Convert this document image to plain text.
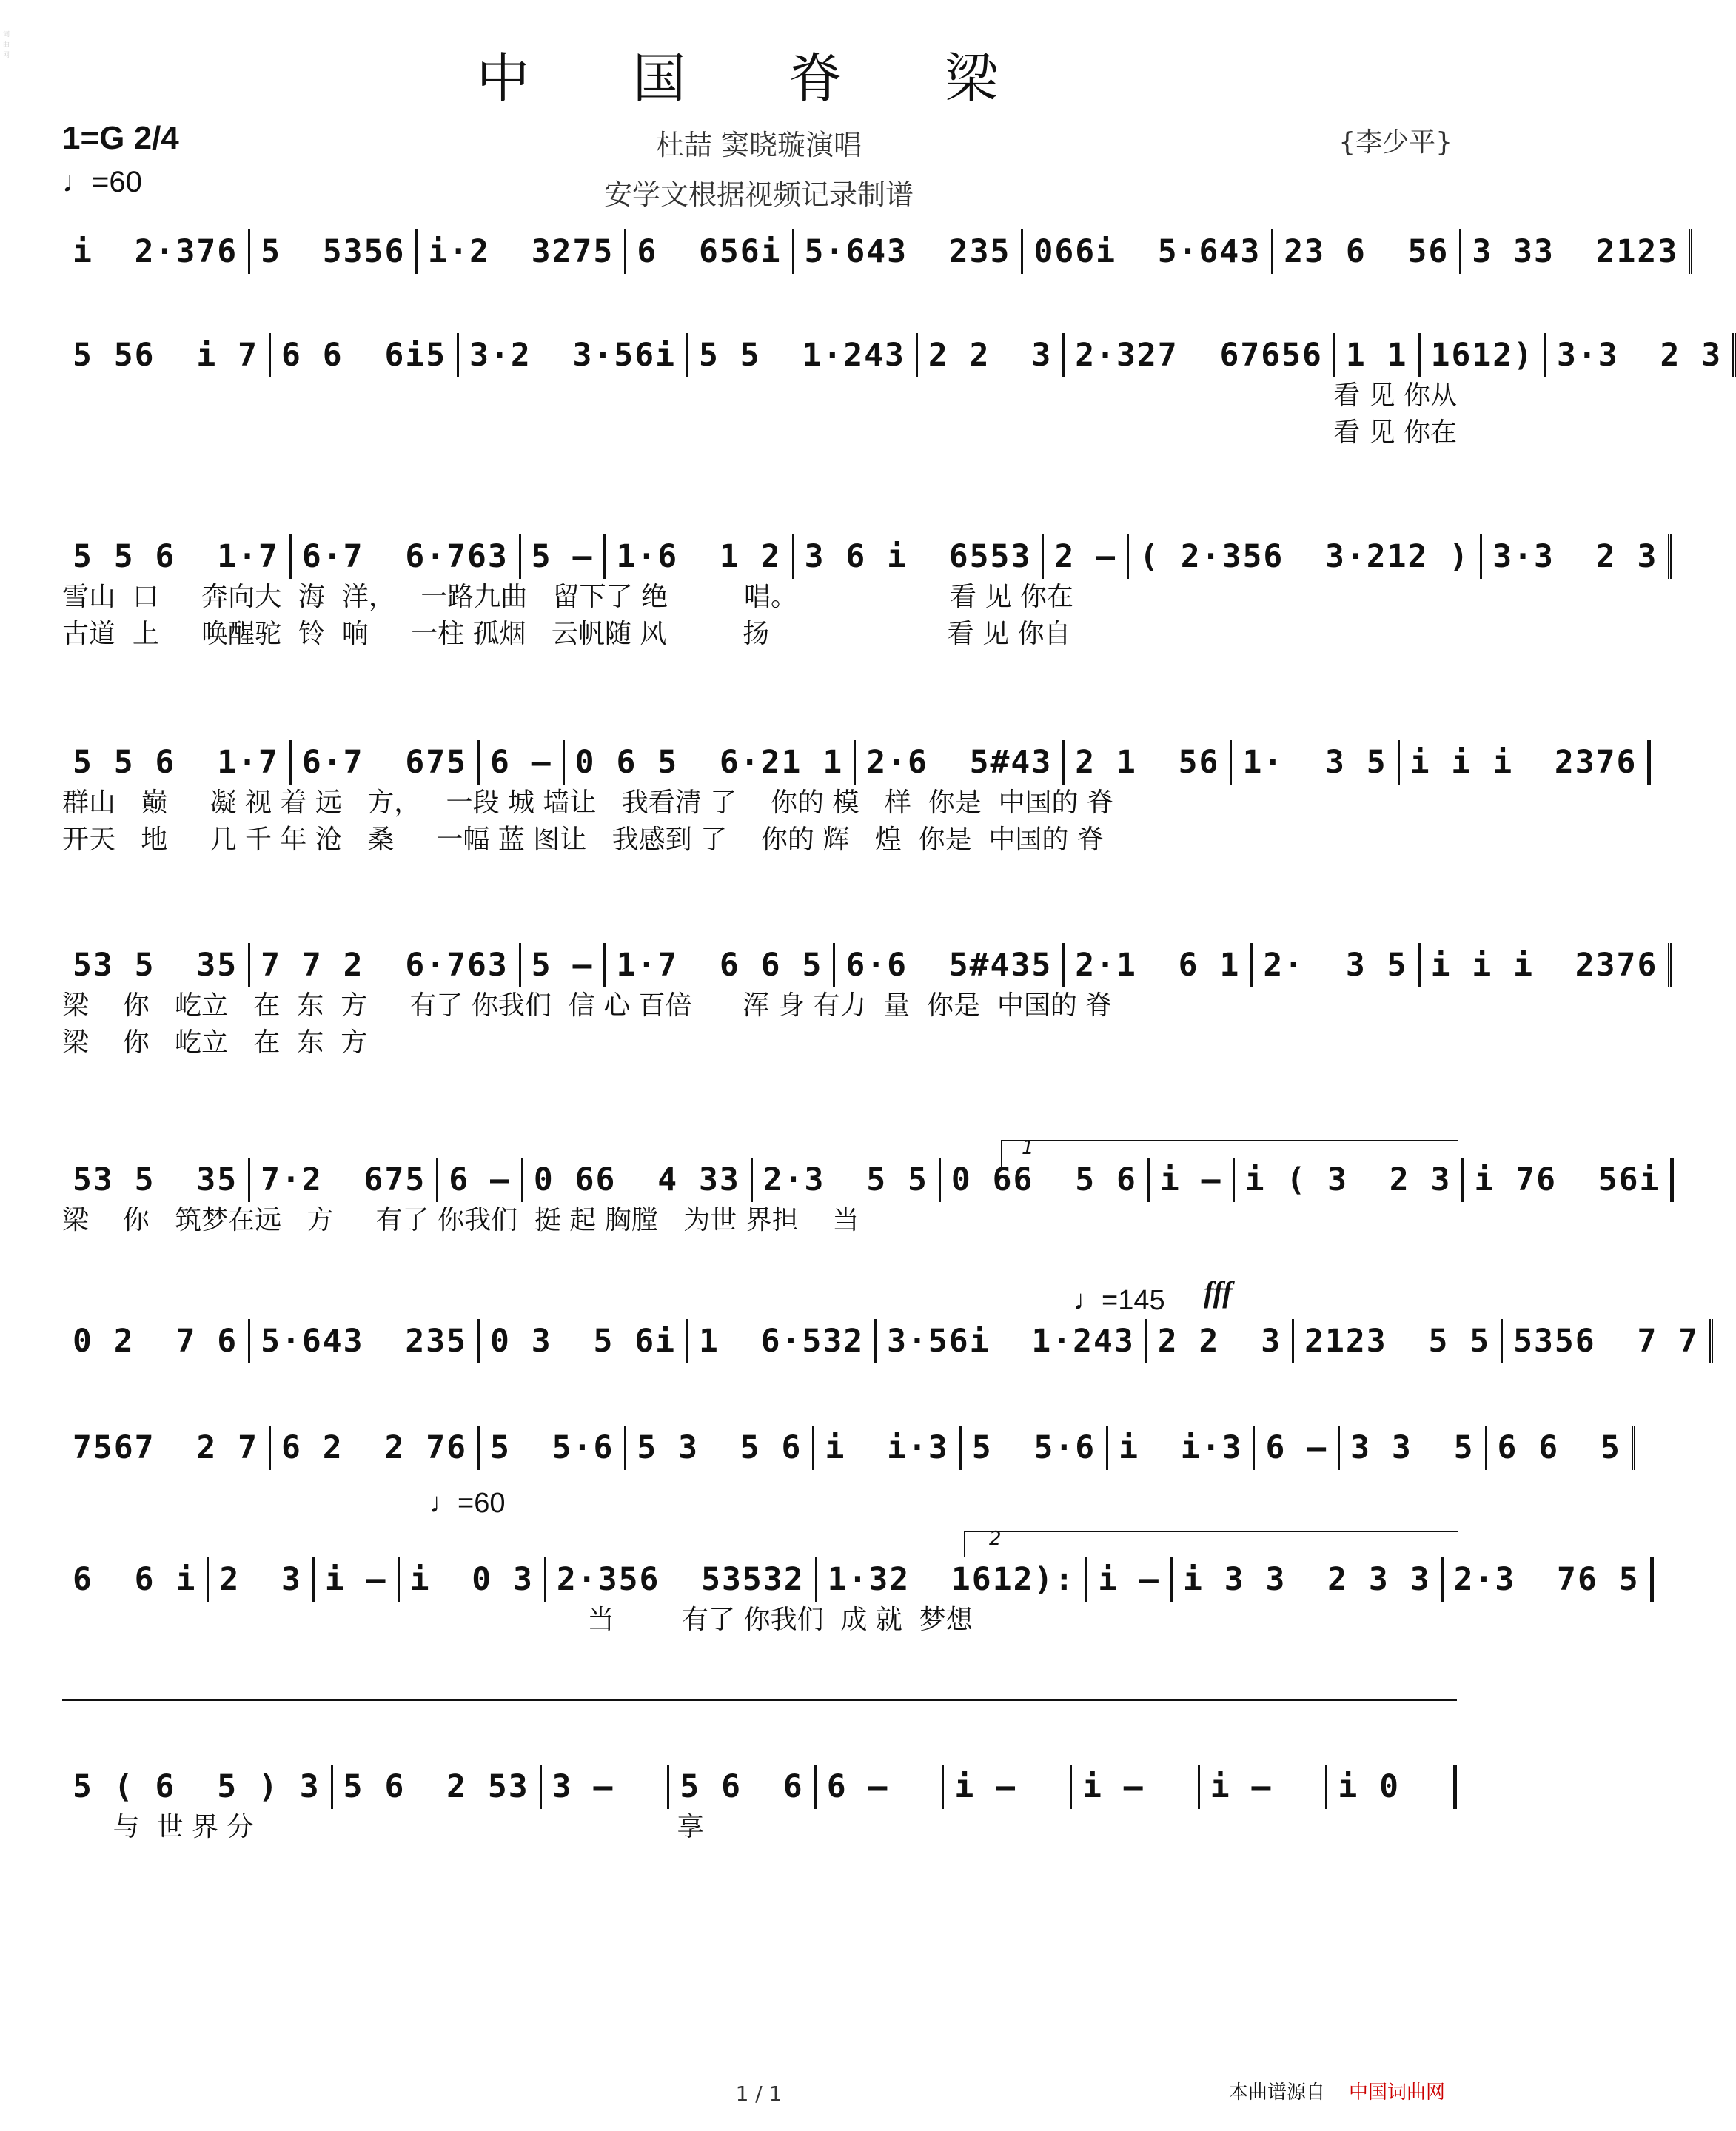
词曲网	中 国 脊 梁
1=G 2/4
♩=60
杜喆 窦晓璇演唱
安学文根据视频记录制谱
{李少平}
i  2·376 5  5356 i·2  3275 6  656i 5·643  235 066i  5·643 23 6  56 3 33  2123
5 56  i 7 6 6  6i5 3·2  3·56i 5 5  1·243 2 2  3 2·327  67656 1 1 1612) 3·3  2 3
看 见 你从
看 见 你在
5 5 6  1·7 6·7  6·763 5 – 1·6  1 2 3 6 i  6553 2 – ( 2·356  3·212 ) 3·3  2 3
雪山  口     奔向大  海  洋，   一路九曲   留下了 绝         唱。                  看 见 你在
古道  上     唤醒驼  铃  响     一柱 孤烟   云帆随 风         扬                     看 见 你自
5 5 6  1·7 6·7  675 6 – 0 6 5  6·21 1 2·6  5#43 2 1  56 1·  3 5 i i i  2376
群山   巅     凝 视 着 远   方，   一段 城 墙让   我看清 了    你的 模   样  你是  中国的 脊
开天   地     几 千 年 沧   桑     一幅 蓝 图让   我感到 了    你的 辉   煌  你是  中国的 脊
53 5  35 7 7 2  6·763 5 – 1·7  6 6 5 6·6  5#435 2·1  6 1 2·  3 5 i i i  2376
梁    你   屹立   在  东  方     有了 你我们  信 心 百倍      浑 身 有力  量  你是  中国的 脊
梁    你   屹立   在  东  方
53 5  35 7·2  675 6 – 0 66  4 33 2·3  5 5 0 66  5 6 i – i ( 3  2 3 i 76  56i
梁    你   筑梦在远   方     有了 你我们  挺 起 胸膛   为世 界担    当
0 2  7 6 5·643  235 0 3  5 6i 1  6·532 3·56i  1·243 2 2  3 2123  5 5 5356  7 7
7567  2 7 6 2  2 76 5  5·6 5 3  5 6 i  i·3 5  5·6 i  i·3 6 – 3 3  5 6 6  5
6  6 i 2  3 i – i  0 3 2·356  53532 1·32  1612): i – i 3 3  2 3 3 2·3  76 5
当        有了 你我们  成 就  梦想
5 ( 6  5 ) 3 5 6  2 53 3 –	5 6  6 6 –	i –	i –	i –	i 0
与  世 界 分                                                  享
1
2
♩=145 fff
♩=60
1 / 1	本曲谱源自 中国词曲网
